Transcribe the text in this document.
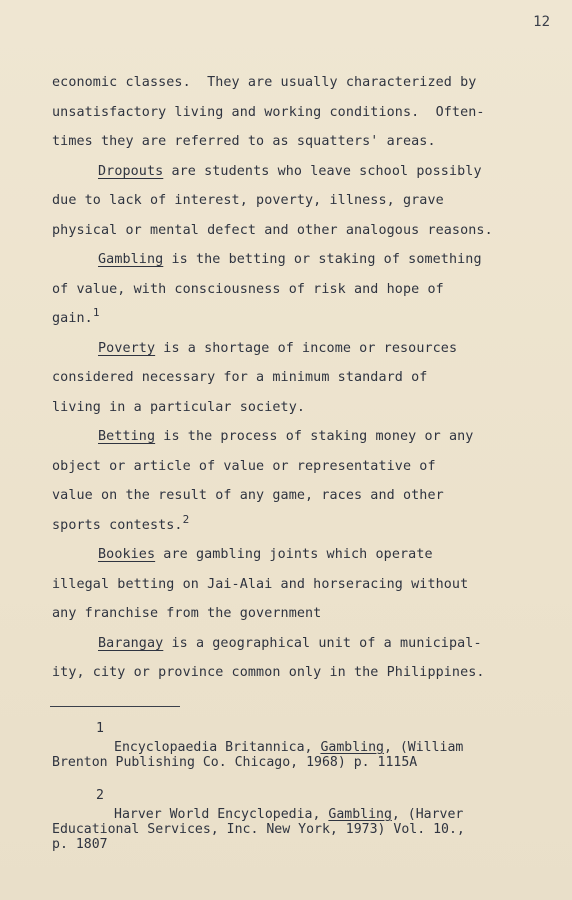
12
economic classes.  They are usually characterized by
unsatisfactory living and working conditions.  Often-
times they are referred to as squatters' areas.
Dropouts are students who leave school possibly
due to lack of interest, poverty, illness, grave
physical or mental defect and other analogous reasons.
Gambling is the betting or staking of something
of value, with consciousness of risk and hope of
gain.$^1$
Poverty is a shortage of income or resources
considered necessary for a minimum standard of
living in a particular society.
Betting is the process of staking money or any
object or article of value or representative of
value on the result of any game, races and other
sports contests.$^2$
Bookies are gambling joints which operate
illegal betting on Jai-Alai and horseracing without
any franchise from the government
Barangay is a geographical unit of a municipal-
ity, city or province common only in the Philippines.
1
Encyclopaedia Britannica, Gambling, (William
Brenton Publishing Co. Chicago, 1968) p. 1115A
2
Harver World Encyclopedia, Gambling, (Harver
Educational Services, Inc. New York, 1973) Vol. 10.,
p. 1807
